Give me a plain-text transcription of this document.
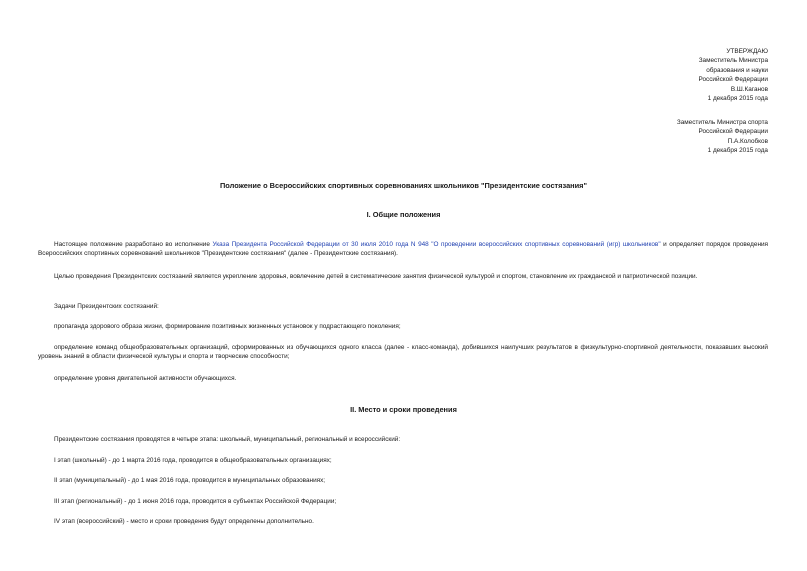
УТВЕРЖДАЮ
Заместитель Министра
образования и науки
Российской Федерации
В.Ш.Каганов
1 декабря 2015 года
Заместитель Министра спорта
Российской Федерации
П.А.Колобков
1 декабря 2015 года
Положение о Всероссийских спортивных соревнованиях школьников "Президентские состязания"
I. Общие положения
Настоящее положение разработано во исполнение Указа Президента Российской Федерации от 30 июля 2010 года N 948 "О проведении всероссийских спортивных соревнований (игр) школьников" и определяет порядок проведения Всероссийских спортивных соревнований школьников "Президентские состязания" (далее - Президентские состязания).
Целью проведения Президентских состязаний является укрепление здоровья, вовлечение детей в систематические занятия физической культурой и спортом, становление их гражданской и патриотической позиции.
Задачи Президентских состязаний:
пропаганда здорового образа жизни, формирование позитивных жизненных установок у подрастающего поколения;
определение команд общеобразовательных организаций, сформированных из обучающихся одного класса (далее - класс-команда), добившихся наилучших результатов в физкультурно-спортивной деятельности, показавших высокий уровень знаний в области физической культуры и спорта и творческие способности;
определение уровня двигательной активности обучающихся.
II. Место и сроки проведения
Президентские состязания проводятся в четыре этапа: школьный, муниципальный, региональный и всероссийский:
I этап (школьный) - до 1 марта 2016 года, проводится в общеобразовательных организациях;
II этап (муниципальный) - до 1 мая 2016 года, проводится в муниципальных образованиях;
III этап (региональный) - до 1 июня 2016 года, проводится в субъектах Российской Федерации;
IV этап (всероссийский) - место и сроки проведения будут определены дополнительно.
